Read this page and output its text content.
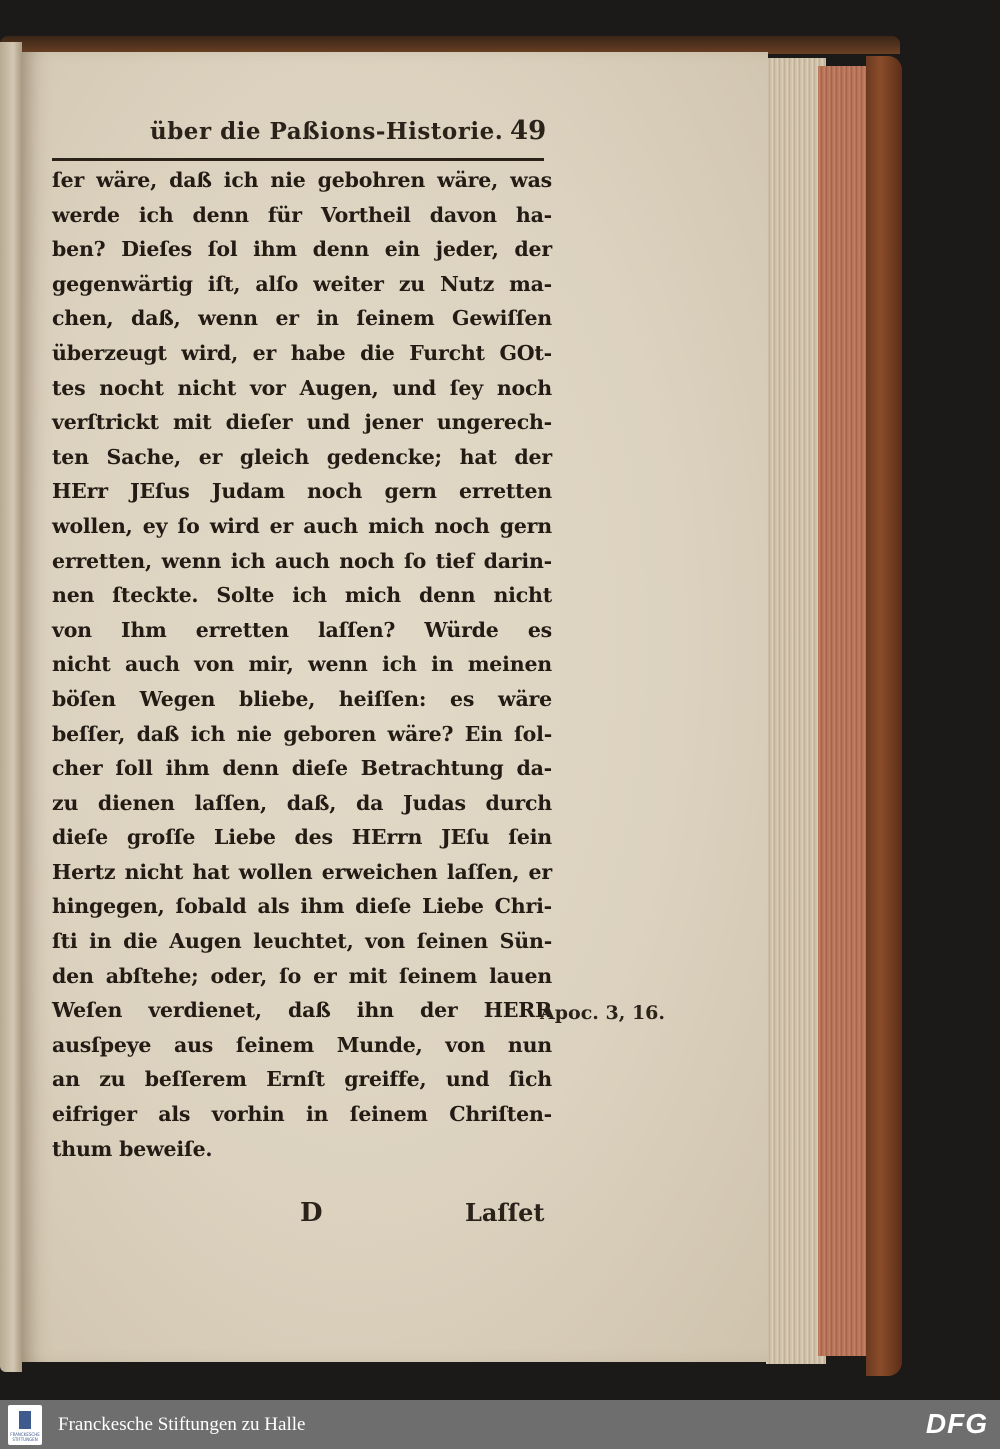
über die Paßions-Historie. 49
ſer wäre, daß ich nie gebohren wäre, was
werde ich denn für Vortheil davon ha-
ben? Dieſes ſol ihm denn ein jeder, der
gegenwärtig iſt, alſo weiter zu Nutz ma-
chen, daß, wenn er in ſeinem Gewiſſen
überzeugt wird, er habe die Furcht GOt-
tes nocht nicht vor Augen, und ſey noch
verſtrickt mit dieſer und jener ungerech-
ten Sache, er gleich gedencke; hat der
HErr JEſus Judam noch gern erretten
wollen, ey ſo wird er auch mich noch gern
erretten, wenn ich auch noch ſo tief darin-
nen ſteckte. Solte ich mich denn nicht
von Ihm erretten laſſen? Würde es
nicht auch von mir, wenn ich in meinen
böſen Wegen bliebe, heiſſen: es wäre
beſſer, daß ich nie geboren wäre? Ein ſol-
cher ſoll ihm denn dieſe Betrachtung da-
zu dienen laſſen, daß, da Judas durch
dieſe groſſe Liebe des HErrn JEſu ſein
Hertz nicht hat wollen erweichen laſſen, er
hingegen, ſobald als ihm dieſe Liebe Chri-
ſti in die Augen leuchtet, von ſeinen Sün-
den abſtehe; oder, ſo er mit ſeinem lauen
Weſen verdienet, daß ihn der HERR
ausſpeye aus ſeinem Munde, von nun
an zu beſſerem Ernſt greiffe, und ſich
eifriger als vorhin in ſeinem Chriſten-
thum beweiſe.
Apoc. 3, 16.
D	Laſſet
FRANCKESCHE STIFTUNGEN
Franckesche Stiftungen zu Halle	DFG
